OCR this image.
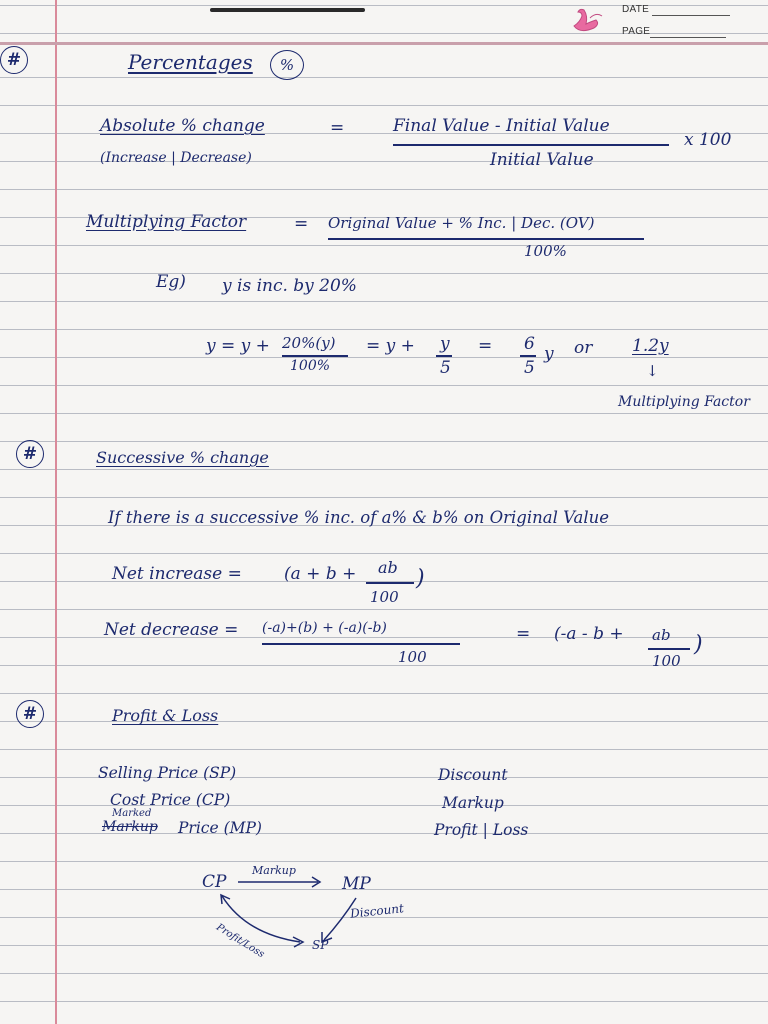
DATE
PAGE
#	Percentages	%
Absolute % change
(Increase | Decrease)
=	Final Value - Initial Value
Initial Value
x 100
Multiplying Factor	= Original Value + % Inc. | Dec. (OV)
100%
Eg) y is inc. by 20%
y = y + 20%(y)
100%
= y + y
5
= 6
5
y or 1.2y
↓
Multiplying Factor
#	Successive % change
If there is a successive % inc. of a% & b% on Original Value
Net increase = (a + b + ab
100
)
Net decrease = (-a)+(b) + (-a)(-b)
100
= (-a - b + ab
100
)
#	Profit & Loss
Selling Price (SP)
Cost Price (CP)
Marked
Markup Price (MP)
Discount
Markup
Profit | Loss
CP	MP
SP
Markup
Discount
Profit/Loss
